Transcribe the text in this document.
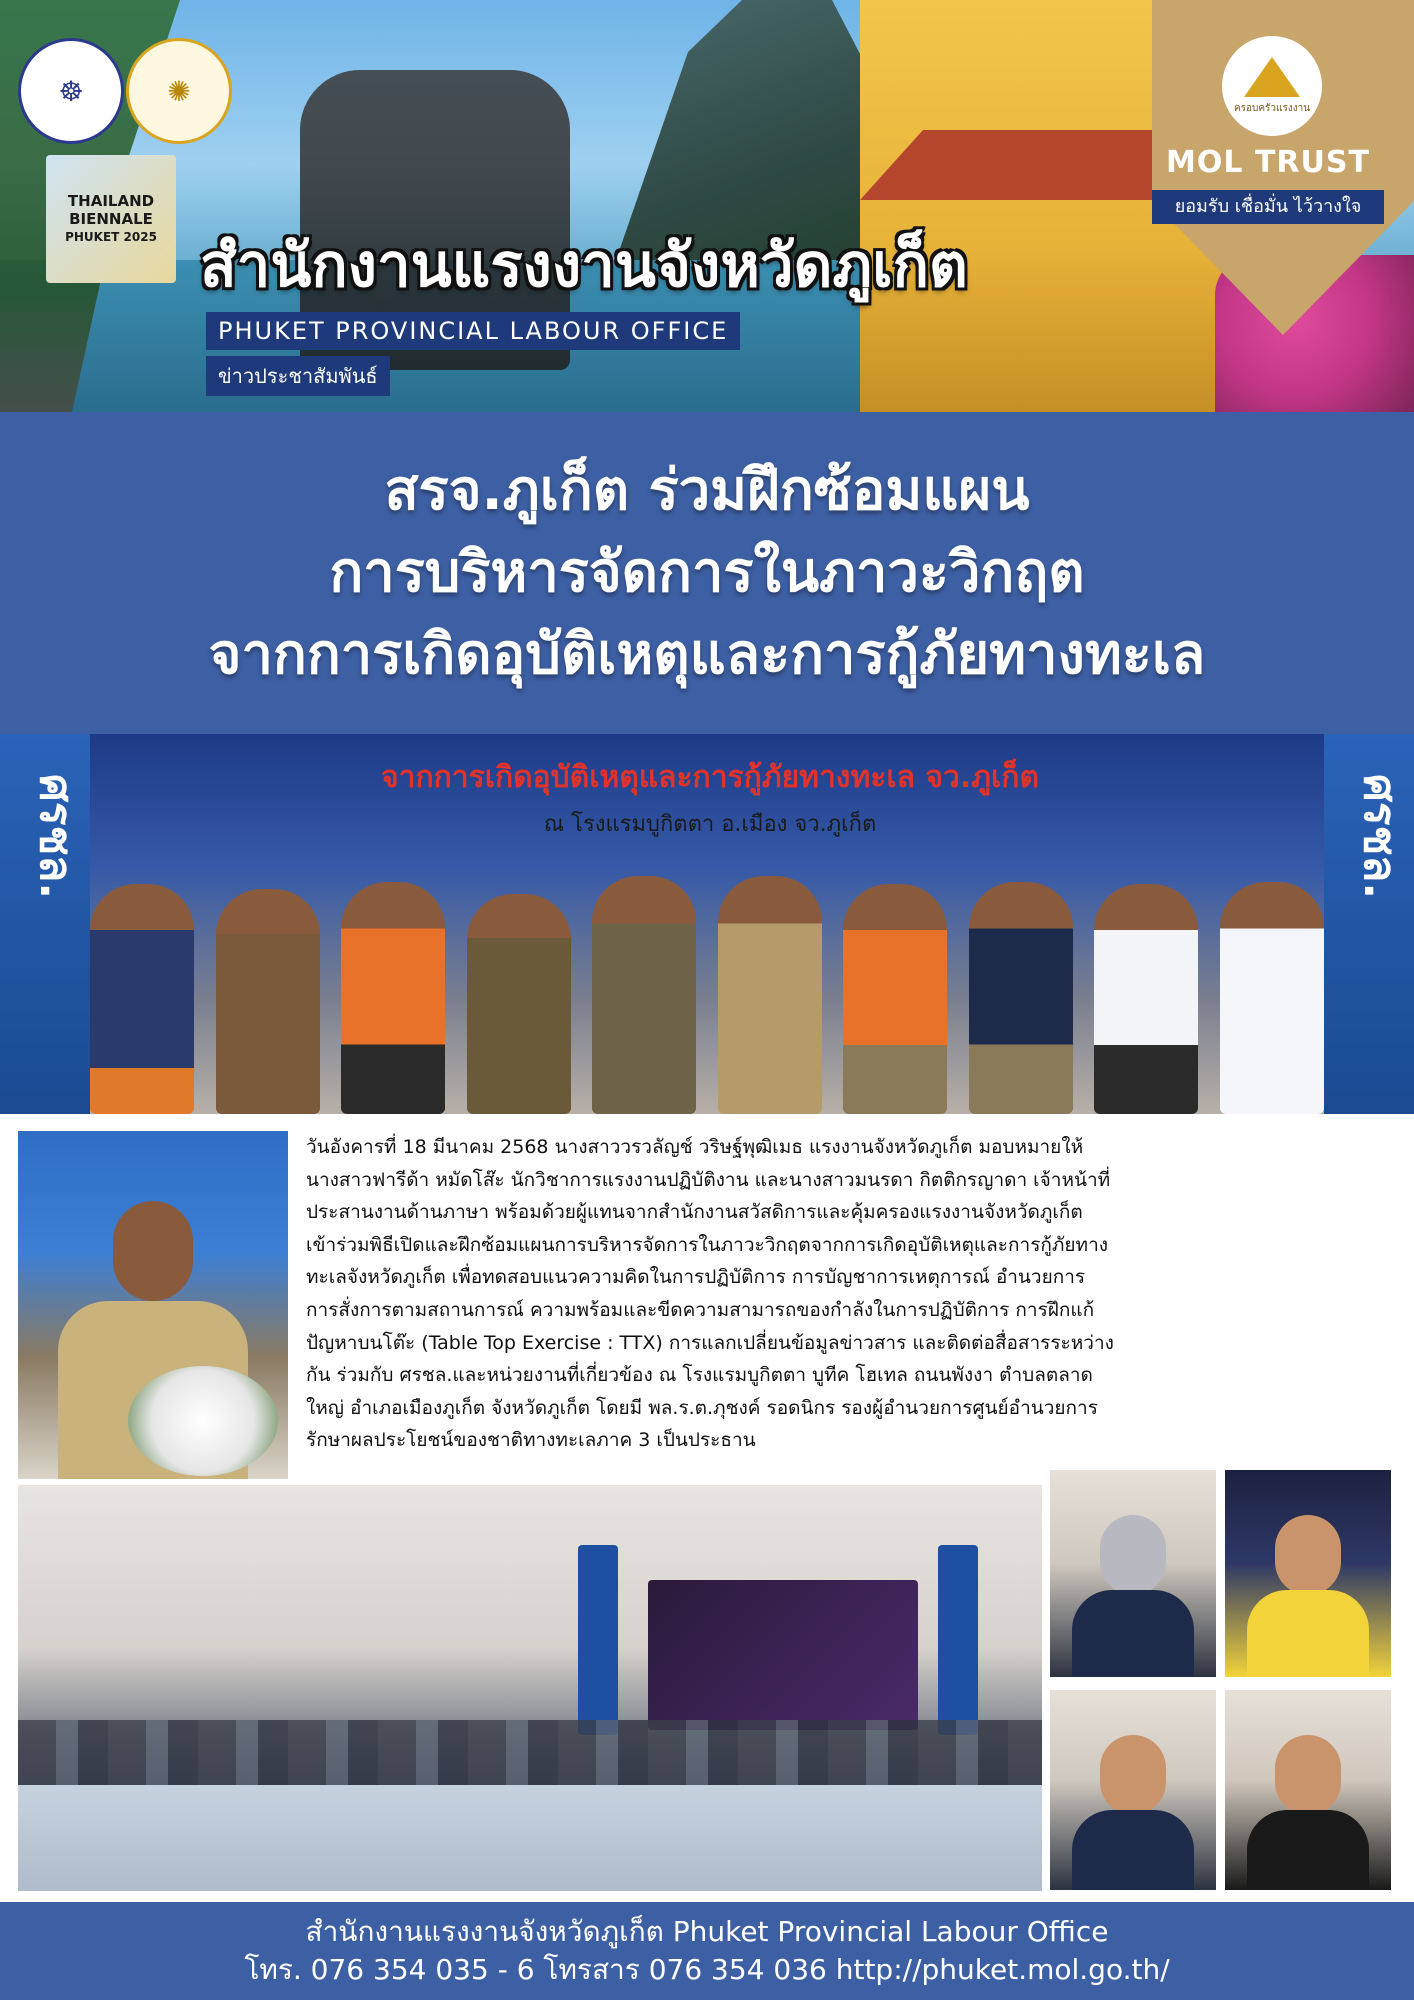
☸	✺
THAILAND
BIENNALE
PHUKET 2025 สำนักงานแรงงานจังหวัดภูเก็ต
PHUKET PROVINCIAL LABOUR OFFICE
ข่าวประชาสัมพันธ์
ครอบครัวแรงงาน
MOL TRUST
ยอมรับ เชื่อมั่น ไว้วางใจ
สรจ.ภูเก็ต ร่วมฝึกซ้อมแผน
การบริหารจัดการในภาวะวิกฤต
จากการเกิดอุบัติเหตุและการกู้ภัยทางทะเล
ศรชล.	ศรชล.
จากการเกิดอุบัติเหตุและการกู้ภัยทางทะเล จว.ภูเก็ต
ณ โรงแรมบูกิตตา อ.เมือง จว.ภูเก็ต
วันอังคารที่ 18 มีนาคม 2568 นางสาววรวลัญช์ วริษฐ์พุฒิเมธ แรงงานจังหวัดภูเก็ต มอบหมายให้
นางสาวฟารีด้า หมัดโส๊ะ นักวิชาการแรงงานปฏิบัติงาน และนางสาวมนรดา กิตติกรญาดา เจ้าหน้าที่
ประสานงานด้านภาษา พร้อมด้วยผู้แทนจากสำนักงานสวัสดิการและคุ้มครองแรงงานจังหวัดภูเก็ต
เข้าร่วมพิธีเปิดและฝึกซ้อมแผนการบริหารจัดการในภาวะวิกฤตจากการเกิดอุบัติเหตุและการกู้ภัยทาง
ทะเลจังหวัดภูเก็ต เพื่อทดสอบแนวความคิดในการปฏิบัติการ การบัญชาการเหตุการณ์ อำนวยการ
การสั่งการตามสถานการณ์ ความพร้อมและขีดความสามารถของกำลังในการปฏิบัติการ การฝึกแก้
ปัญหาบนโต๊ะ (Table Top Exercise : TTX) การแลกเปลี่ยนข้อมูลข่าวสาร และติดต่อสื่อสารระหว่าง
กัน ร่วมกับ ศรชล.และหน่วยงานที่เกี่ยวข้อง ณ โรงแรมบูกิตตา บูทีค โฮเทล ถนนพังงา ตำบลตลาด
ใหญ่ อำเภอเมืองภูเก็ต จังหวัดภูเก็ต โดยมี พล.ร.ต.ภุชงค์ รอดนิกร รองผู้อำนวยการศูนย์อำนวยการ
รักษาผลประโยชน์ของชาติทางทะเลภาค 3 เป็นประธาน
สำนักงานแรงงานจังหวัดภูเก็ต Phuket Provincial Labour Office
โทร. 076 354 035 - 6 โทรสาร 076 354 036 http://phuket.mol.go.th/
